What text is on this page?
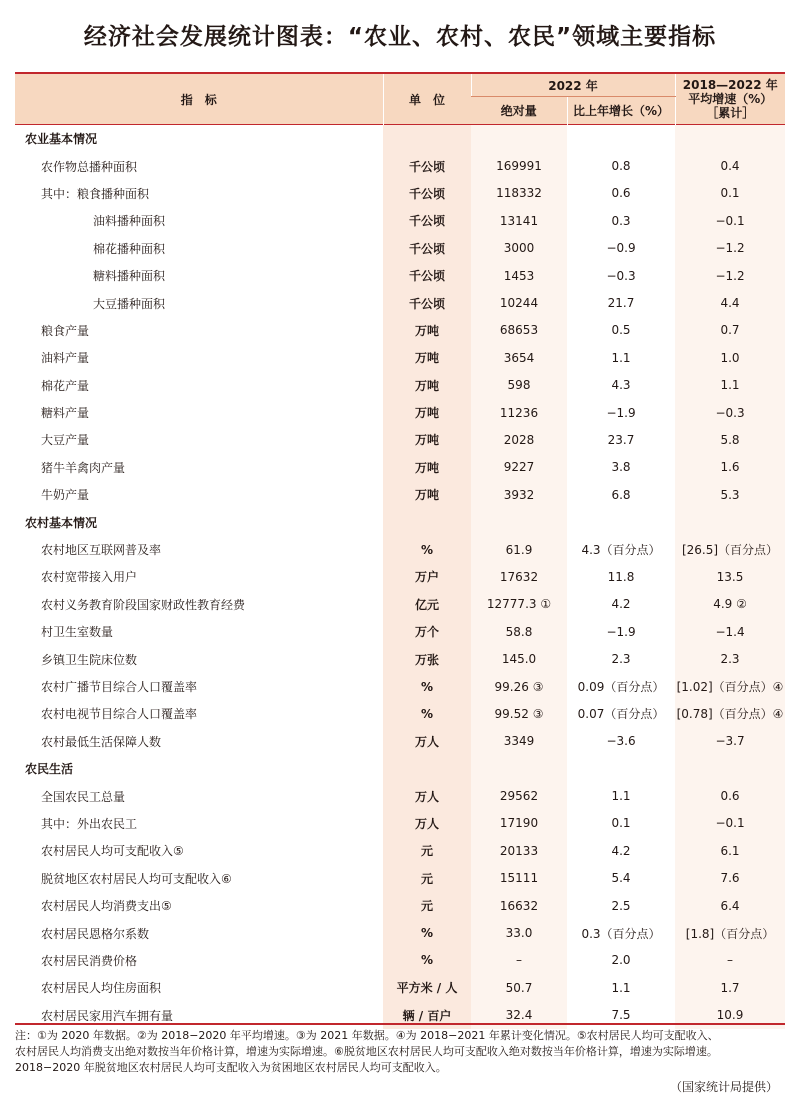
经济社会发展统计图表：“农业、农村、农民”领域主要指标
指　标	单　位	2022 年		2018—2022 年
平均增速（%）
［累计］

		绝对量	比上年增长（%）	
农业基本情况				
农作物总播种面积	千公顷	169991	0.8	0.4
其中：粮食播种面积	千公顷	118332	0.6	0.1
油料播种面积	千公顷	13141	0.3	−0.1
棉花播种面积	千公顷	3000	−0.9	−1.2
糖料播种面积	千公顷	1453	−0.3	−1.2
大豆播种面积	千公顷	10244	21.7	4.4
粮食产量	万吨	68653	0.5	0.7
油料产量	万吨	3654	1.1	1.0
棉花产量	万吨	598	4.3	1.1
糖料产量	万吨	11236	−1.9	−0.3
大豆产量	万吨	2028	23.7	5.8
猪牛羊禽肉产量	万吨	9227	3.8	1.6
牛奶产量	万吨	3932	6.8	5.3
农村基本情况				
农村地区互联网普及率	%	61.9	4.3（百分点）	[26.5]（百分点）
农村宽带接入用户	万户	17632	11.8	13.5
农村义务教育阶段国家财政性教育经费	亿元	12777.3 ①	4.2	4.9 ②
村卫生室数量	万个	58.8	−1.9	−1.4
乡镇卫生院床位数	万张	145.0	2.3	2.3
农村广播节目综合人口覆盖率	%	99.26 ③	0.09（百分点）	[1.02]（百分点）④
农村电视节目综合人口覆盖率	%	99.52 ③	0.07（百分点）	[0.78]（百分点）④
农村最低生活保障人数	万人	3349	−3.6	−3.7
农民生活				
全国农民工总量	万人	29562	1.1	0.6
其中：外出农民工	万人	17190	0.1	−0.1
农村居民人均可支配收入⑤	元	20133	4.2	6.1
脱贫地区农村居民人均可支配收入⑥	元	15111	5.4	7.6
农村居民人均消费支出⑤	元	16632	2.5	6.4
农村居民恩格尔系数	%	33.0	0.3（百分点）	[1.8]（百分点）
农村居民消费价格	%	–	2.0	–
农村居民人均住房面积	平方米 / 人	50.7	1.1	1.7
农村居民家用汽车拥有量	辆 / 百户	32.4	7.5	10.9
注：①为 2020 年数据。②为 2018−2020 年平均增速。③为 2021 年数据。④为 2018−2021 年累计变化情况。⑤农村居民人均可支配收入、
农村居民人均消费支出绝对数按当年价格计算，增速为实际增速。⑥脱贫地区农村居民人均可支配收入绝对数按当年价格计算，增速为实际增速。
2018−2020 年脱贫地区农村居民人均可支配收入为贫困地区农村居民人均可支配收入。
（国家统计局提供）
